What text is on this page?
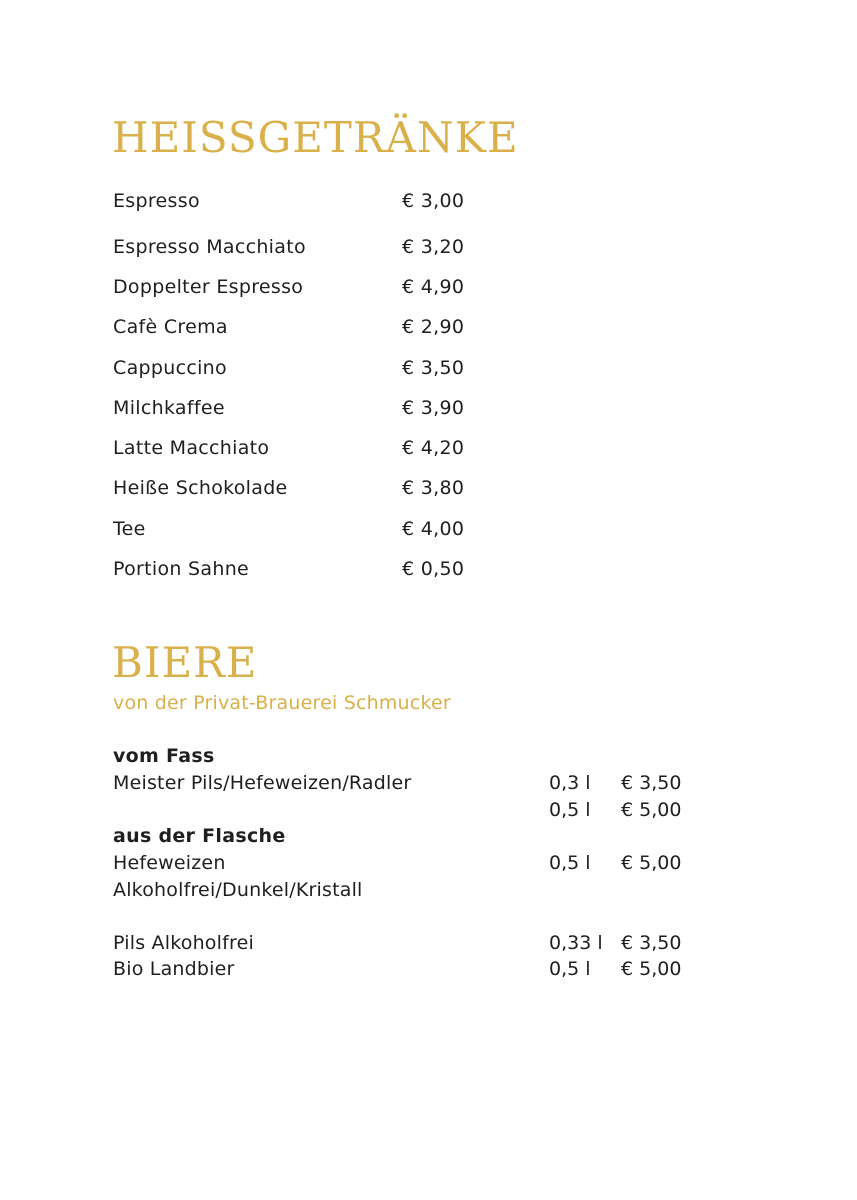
HEISSGETRÄNKE
Espresso	€ 3,00
Espresso Macchiato	€ 3,20
Doppelter Espresso	€ 4,90
Cafè Crema	€ 2,90
Cappuccino	€ 3,50
Milchkaffee	€ 3,90
Latte Macchiato	€ 4,20
Heiße Schokolade	€ 3,80
Tee	€ 4,00
Portion Sahne	€ 0,50
BIERE
von der Privat-Brauerei Schmucker
vom Fass
Meister Pils/Hefeweizen/Radler	0,3 l € 3,50
0,5 l € 5,00
aus der Flasche
Hefeweizen	0,5 l € 5,00
Alkoholfrei/Dunkel/Kristall
Pils Alkoholfrei	0,33 l € 3,50
Bio Landbier	0,5 l € 5,00
